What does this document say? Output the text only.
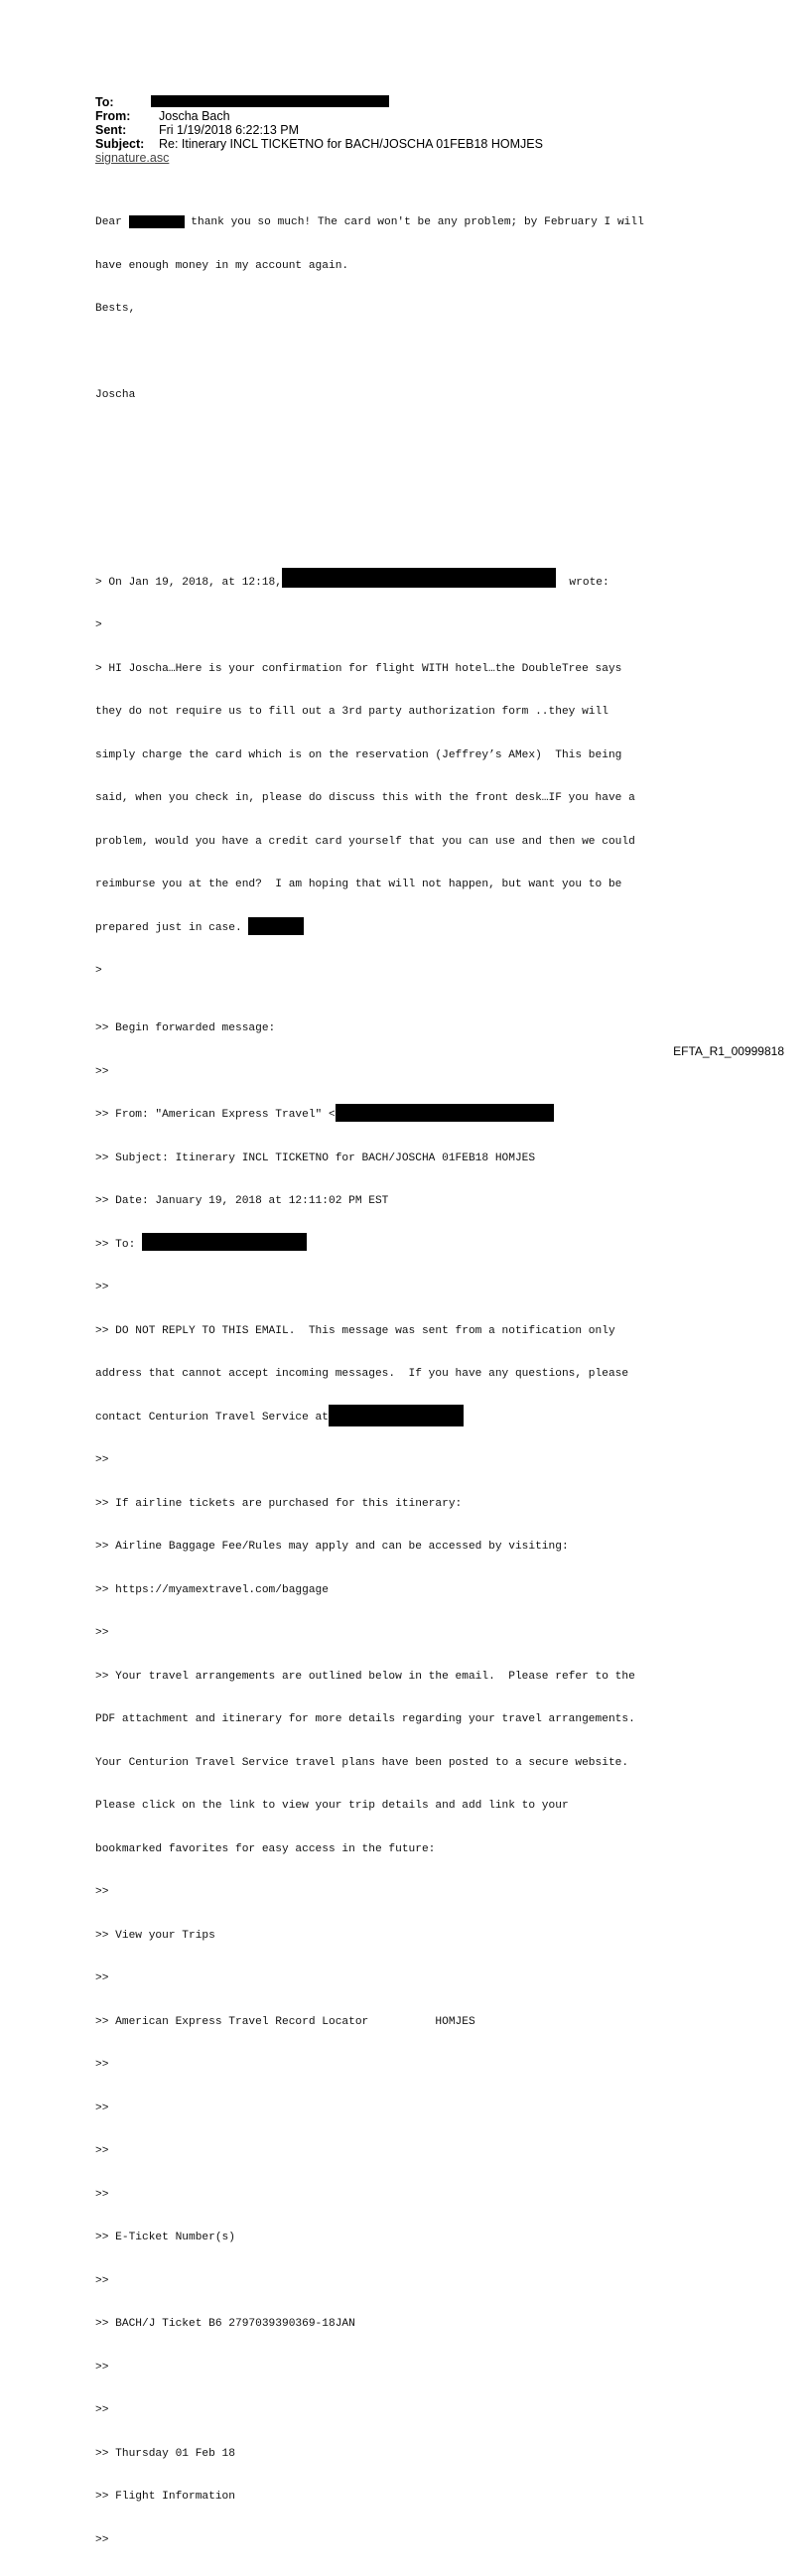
To:
From:	Joscha Bach
Sent:	Fri 1/19/2018 6:22:13 PM
Subject:	Re: Itinerary INCL TICKETNO for BACH/JOSCHA 01FEB18 HOMJES
signature.asc

Dear	thank you so much! The card won't be any problem; by February I will

have enough money in my account again.

Bests,

Joscha

> On Jan 19, 2018, at 12:18,	wrote:

>

> HI Joscha…Here is your confirmation for flight WITH hotel…the DoubleTree says

they do not require us to fill out a 3rd party authorization form ..they will

simply charge the card which is on the reservation (Jeffrey’s AMex)  This being

said, when you check in, please do discuss this with the front desk…IF you have a

problem, would you have a credit card yourself that you can use and then we could

reimburse you at the end?  I am hoping that will not happen, but want you to be

prepared just in case.

>

>> Begin forwarded message:

>>

>> From: "American Express Travel" <

>> Subject: Itinerary INCL TICKETNO for BACH/JOSCHA 01FEB18 HOMJES

>> Date: January 19, 2018 at 12:11:02 PM EST

>> To:

>>

>> DO NOT REPLY TO THIS EMAIL.  This message was sent from a notification only

address that cannot accept incoming messages.  If you have any questions, please

contact Centurion Travel Service at

>>

>> If airline tickets are purchased for this itinerary:

>> Airline Baggage Fee/Rules may apply and can be accessed by visiting:

>> https://myamextravel.com/baggage

>>

>> Your travel arrangements are outlined below in the email.  Please refer to the

PDF attachment and itinerary for more details regarding your travel arrangements.

Your Centurion Travel Service travel plans have been posted to a secure website.

Please click on the link to view your trip details and add link to your

bookmarked favorites for easy access in the future:

>>

>> View your Trips

>>

>> American Express Travel Record Locator	HOMJES

>>

>>

>>

>>

>> E-Ticket Number(s)

>>

>> BACH/J Ticket B6 2797039390369-18JAN

>>

>>

>> Thursday 01 Feb 18

>> Flight Information

>>

EFTA_R1_00999818
